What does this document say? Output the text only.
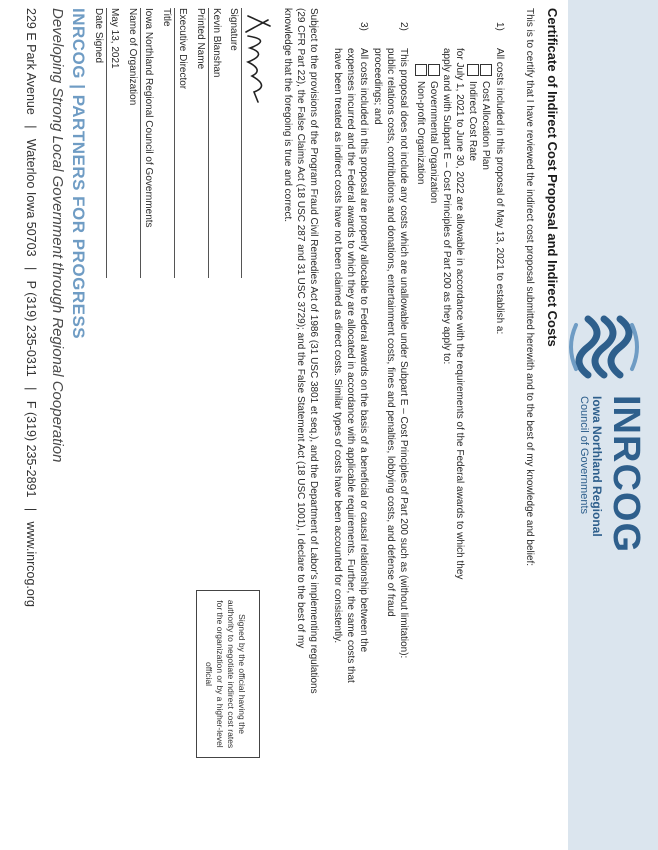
INRCOG
Iowa Northland Regional
Council of Governments
Certificate of Indirect Cost Proposal and Indirect Costs
This is to certify that I have reviewed the indirect cost proposal submitted herewith and to the best of my knowledge and belief:
1)
All costs included in this proposal of May 13, 2021 to establish a:
Cost Allocation Plan
Indirect Cost Rate
for July 1, 2021 to June 30, 2022 are allowable in accordance with the requirements of the Federal awards to which they apply and with Subpart E – Cost Principles of Part 200 as they apply to:
Governmental Organization
Non-profit Organization
2)
This proposal does not include any costs which are unallowable under Subpart E – Cost Principles of Part 200 such as (without limitation): public relations costs, contributions and donations, entertainment costs, fines and penalties, lobbying costs, and defense of fraud proceedings; and
3)
All costs included in this proposal are properly allocable to Federal awards on the basis of a beneficial or causal relationship between the expenses incurred and the Federal awards to which they are allocated in accordance with applicable requirements. Further, the same costs that have been treated as indirect costs have not been claimed as direct costs. Similar types of costs have been accounted for consistently.
Subject to the provisions of the Program Fraud Civil Remedies Act of 1986 (31 USC 3801 et seq.), and the Department of Labor's implementing regulations (29 CFR Part 22), the False Claims Act (18 USC 287 and 31 USC 3729); and the False Statement Act (18 USC 1001), I declare to the best of my knowledge that the foregoing is true and correct.
Signed by the official having the authority to negotiate indirect cost rates for the organization or by a higher-level official
Signature
Kevin Blanshan
Printed Name
Executive Director
Title
Iowa Northland Regional Council of Governments
Name of Organization
May 13, 2021
Date Signed
INRCOG | PARTNERS FOR PROGRESS
Developing Strong Local Government through Regional Cooperation
229 E Park Avenue   |   Waterloo Iowa 50703   |   P (319) 235-0311   |   F (319) 235-2891   |   www.inrcog.org
